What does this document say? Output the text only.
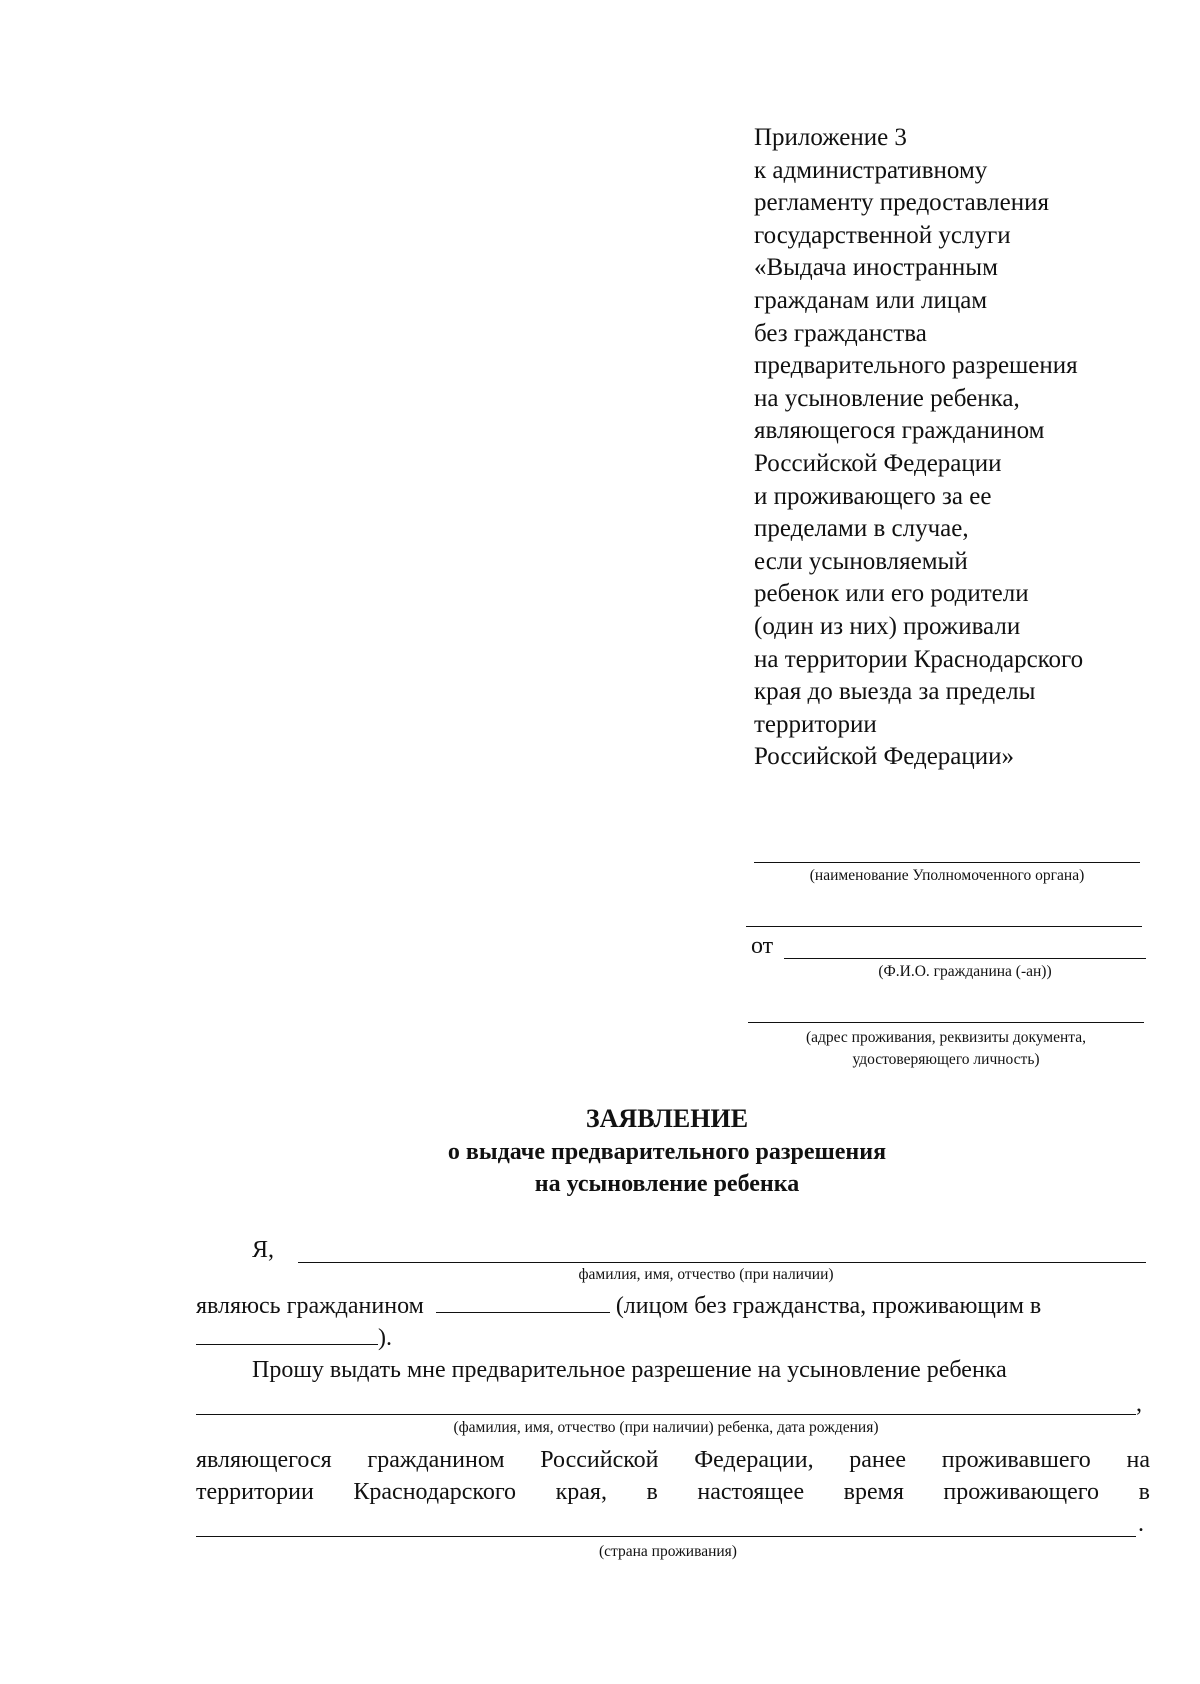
Приложение 3
к административному
регламенту предоставления
государственной услуги
«Выдача иностранным
гражданам или лицам
без гражданства
предварительного разрешения
на усыновление ребенка,
являющегося гражданином
Российской Федерации
и проживающего за ее
пределами в случае,
если усыновляемый
ребенок или его родители
(один из них) проживали
на территории Краснодарского
края до выезда за пределы
территории
Российской Федерации»
(наименование Уполномоченного органа)
от
(Ф.И.О. гражданина (-ан))
(адрес проживания, реквизиты документа,
удостоверяющего личность)
ЗАЯВЛЕНИЕ
о выдаче предварительного разрешения
на усыновление ребенка
Я,
фамилия, имя, отчество (при наличии)
являюсь гражданином	(лицом без гражданства, проживающим в
).
Прошу выдать мне предварительное разрешение на усыновление ребенка
,
(фамилия, имя, отчество (при наличии) ребенка, дата рождения)
являющегося гражданином Российской Федерации, ранее проживавшего на
территории Краснодарского края, в настоящее время проживающего в
.
(страна проживания)
